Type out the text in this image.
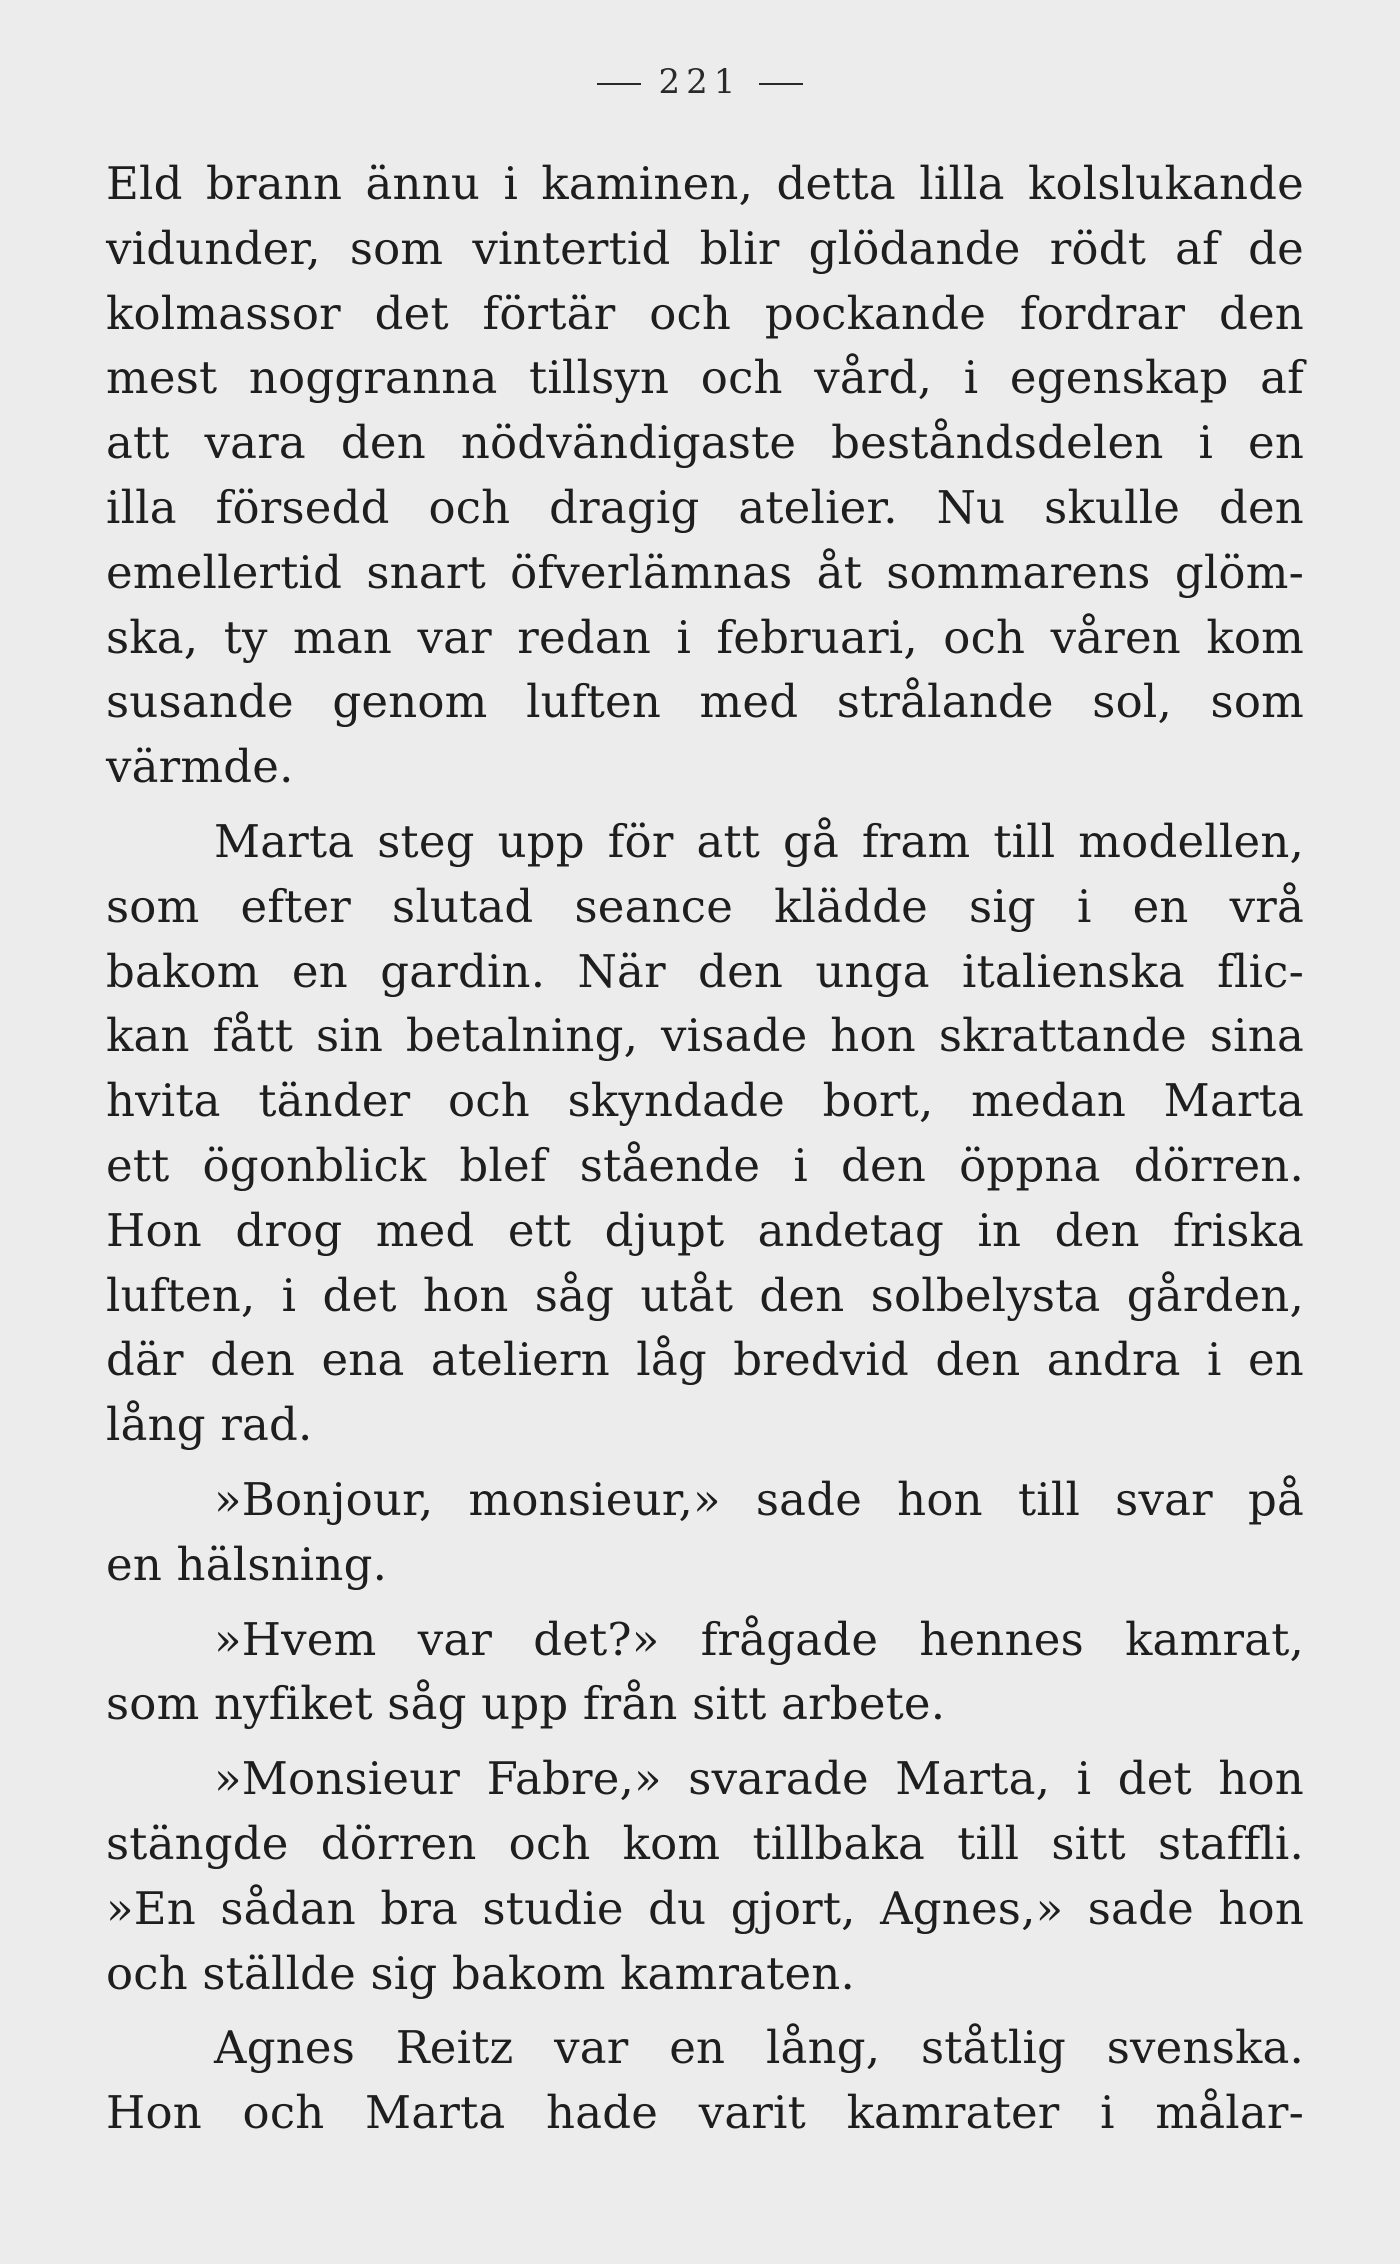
221

Eld brann ännu i kaminen, detta lilla kolslukande
vidunder, som vintertid blir glödande rödt af de
kolmassor det förtär och pockande fordrar den
mest noggranna tillsyn och vård, i egenskap af
att vara den nödvändigaste beståndsdelen i en
illa försedd och dragig atelier. Nu skulle den
emellertid snart öfverlämnas åt sommarens glöm-
ska, ty man var redan i februari, och våren kom
susande genom luften med strålande sol, som
värmde.

Marta steg upp för att gå fram till modellen,
som efter slutad seance klädde sig i en vrå
bakom en gardin. När den unga italienska flic-
kan fått sin betalning, visade hon skrattande sina
hvita tänder och skyndade bort, medan Marta
ett ögonblick blef stående i den öppna dörren.
Hon drog med ett djupt andetag in den friska
luften, i det hon såg utåt den solbelysta gården,
där den ena ateliern låg bredvid den andra i en
lång rad.

»Bonjour, monsieur,» sade hon till svar på
en hälsning.

»Hvem var det?» frågade hennes kamrat,
som nyfiket såg upp från sitt arbete.

»Monsieur Fabre,» svarade Marta, i det hon
stängde dörren och kom tillbaka till sitt staffli.
»En sådan bra studie du gjort, Agnes,» sade hon
och ställde sig bakom kamraten.

Agnes Reitz var en lång, ståtlig svenska.
Hon och Marta hade varit kamrater i målar-
